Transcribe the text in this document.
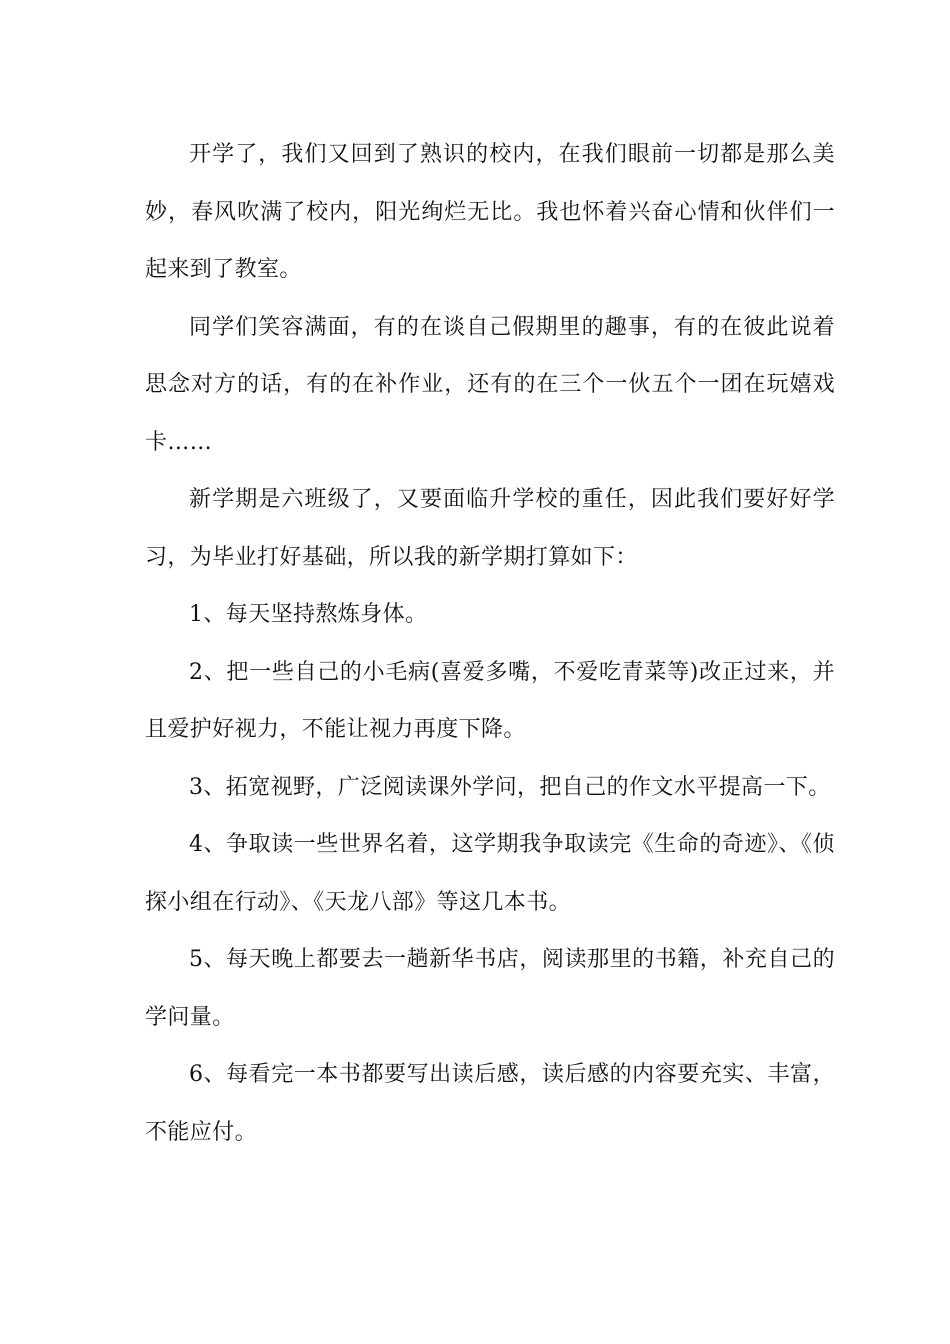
开学了，我们又回到了熟识的校内，在我们眼前一切都是那么美妙，春风吹满了校内，阳光绚烂无比。我也怀着兴奋心情和伙伴们一起来到了教室。

同学们笑容满面，有的在谈自己假期里的趣事，有的在彼此说着思念对方的话，有的在补作业，还有的在三个一伙五个一团在玩嬉戏卡……

新学期是六班级了，又要面临升学校的重任，因此我们要好好学习，为毕业打好基础，所以我的新学期打算如下：

1、每天坚持熬炼身体。

2、把一些自己的小毛病(喜爱多嘴，不爱吃青菜等)改正过来，并且爱护好视力，不能让视力再度下降。

3、拓宽视野，广泛阅读课外学问，把自己的作文水平提高一下。

4、争取读一些世界名着，这学期我争取读完《生命的奇迹》、《侦探小组在行动》、《天龙八部》等这几本书。

5、每天晚上都要去一趟新华书店，阅读那里的书籍，补充自己的学问量。

6、每看完一本书都要写出读后感，读后感的内容要充实、丰富，不能应付。
